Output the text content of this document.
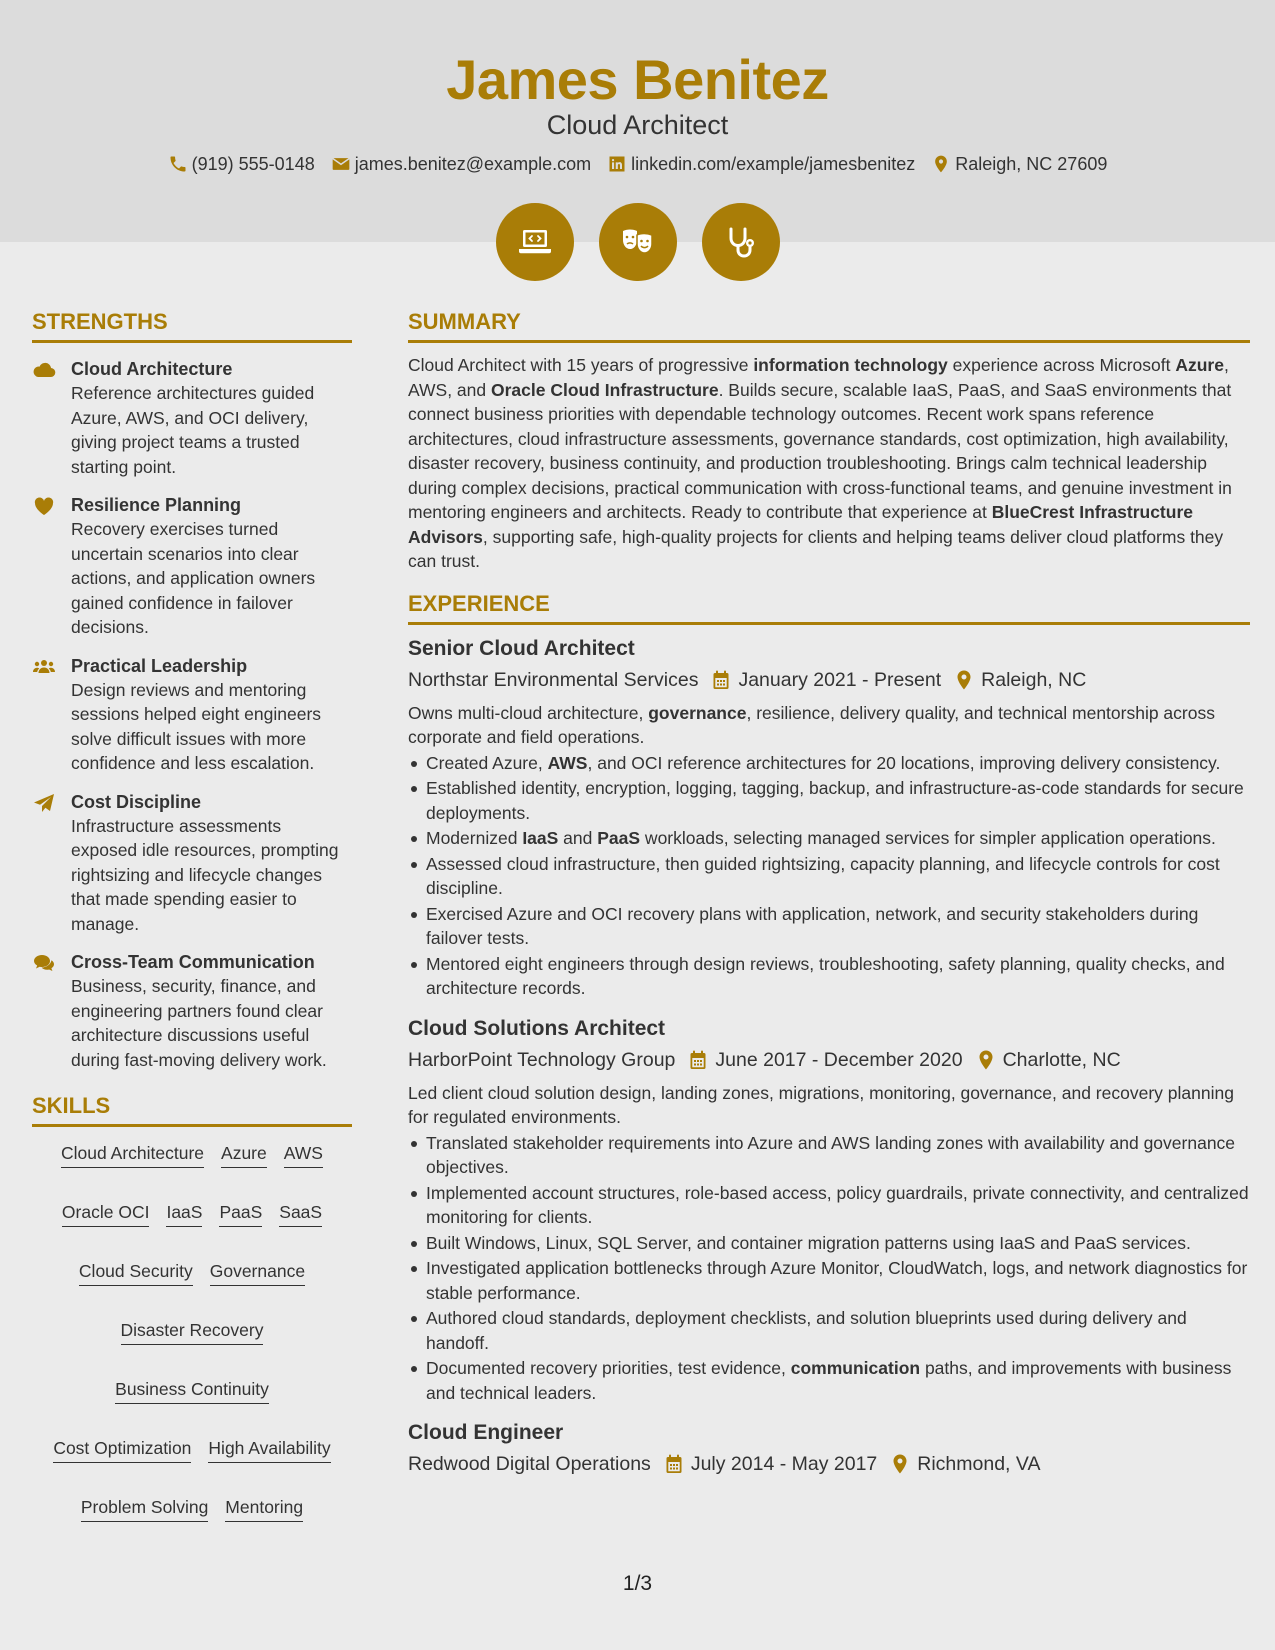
James Benitez
Cloud Architect
(919) 555-0148 james.benitez@example.com linkedin.com/example/jamesbenitez Raleigh, NC 27609
STRENGTHS
Cloud Architecture

Reference architectures guided Azure, AWS, and OCI delivery, giving project teams a trusted starting point.

Resilience Planning

Recovery exercises turned uncertain scenarios into clear actions, and application owners gained confidence in failover decisions.

Practical Leadership

Design reviews and mentoring sessions helped eight engineers solve difficult issues with more confidence and less escalation.

Cost Discipline

Infrastructure assessments exposed idle resources, prompting rightsizing and lifecycle changes that made spending easier to manage.

Cross-Team Communication

Business, security, finance, and engineering partners found clear architecture discussions useful during fast-moving delivery work.

SKILLS
Cloud Architecture Azure AWS
Oracle OCI IaaS PaaS SaaS
Cloud Security Governance
Disaster Recovery
Business Continuity
Cost Optimization High Availability
Problem Solving Mentoring
SUMMARY

Cloud Architect with 15 years of progressive information technology experience across Microsoft Azure, AWS, and Oracle Cloud Infrastructure. Builds secure, scalable IaaS, PaaS, and SaaS environments that connect business priorities with dependable technology outcomes. Recent work spans reference architectures, cloud infrastructure assessments, governance standards, cost optimization, high availability, disaster recovery, business continuity, and production troubleshooting. Brings calm technical leadership during complex decisions, practical communication with cross-functional teams, and genuine investment in mentoring engineers and architects. Ready to contribute that experience at BlueCrest Infrastructure Advisors, supporting safe, high-quality projects for clients and helping teams deliver cloud platforms they can trust.

EXPERIENCE
Senior Cloud Architect
Northstar Environmental Services January 2021 - Present Raleigh, NC

Owns multi-cloud architecture, governance, resilience, delivery quality, and technical mentorship across corporate and field operations.

Created Azure, AWS, and OCI reference architectures for 20 locations, improving delivery consistency.
Established identity, encryption, logging, tagging, backup, and infrastructure-as-code standards for secure deployments.
Modernized IaaS and PaaS workloads, selecting managed services for simpler application operations.
Assessed cloud infrastructure, then guided rightsizing, capacity planning, and lifecycle controls for cost discipline.
Exercised Azure and OCI recovery plans with application, network, and security stakeholders during failover tests.
Mentored eight engineers through design reviews, troubleshooting, safety planning, quality checks, and architecture records.
Cloud Solutions Architect
HarborPoint Technology Group June 2017 - December 2020 Charlotte, NC

Led client cloud solution design, landing zones, migrations, monitoring, governance, and recovery planning for regulated environments.

Translated stakeholder requirements into Azure and AWS landing zones with availability and governance objectives.
Implemented account structures, role-based access, policy guardrails, private connectivity, and centralized monitoring for clients.
Built Windows, Linux, SQL Server, and container migration patterns using IaaS and PaaS services.
Investigated application bottlenecks through Azure Monitor, CloudWatch, logs, and network diagnostics for stable performance.
Authored cloud standards, deployment checklists, and solution blueprints used during delivery and handoff.
Documented recovery priorities, test evidence, communication paths, and improvements with business and technical leaders.
Cloud Engineer
Redwood Digital Operations July 2014 - May 2017 Richmond, VA
1/3
